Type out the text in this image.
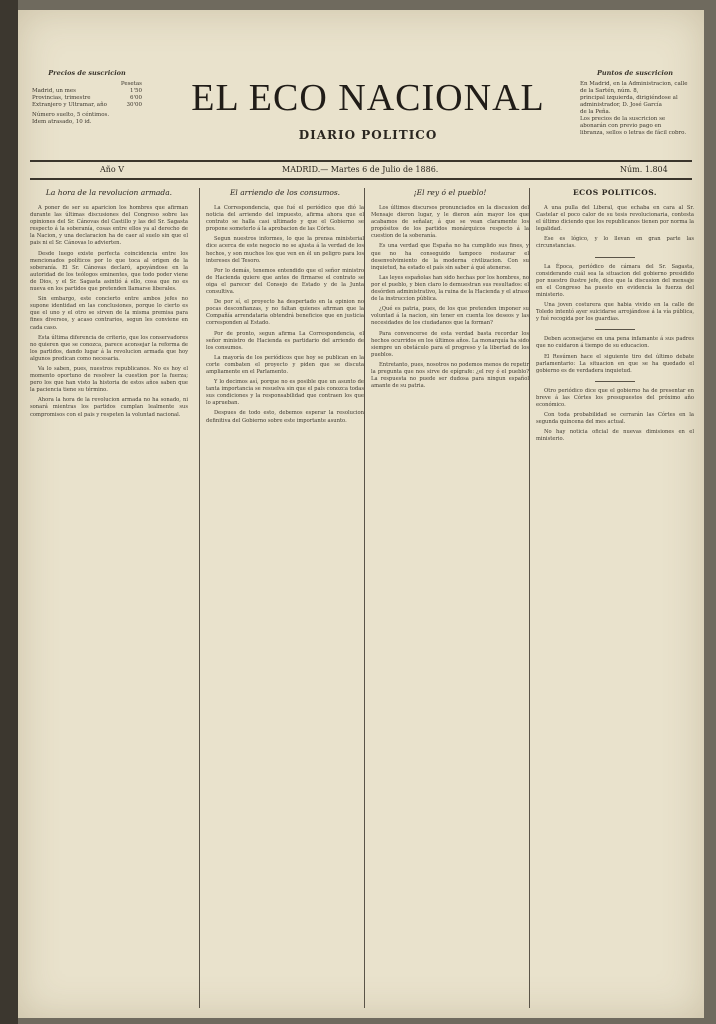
Precios de suscricion
Pesetas
Madrid, un mes	1'50
Provincias, trimestre	6'00
Extranjero y Ultramar, año	30'00
Número suelto, 5 céntimos.
Idem atrasado, 10 id.
EL ECO NACIONAL
DIARIO POLITICO
Puntos de suscricion
En Madrid, en la Administracion, calle de la Sartén, núm. 8,
principal izquierda, dirigiéndose al administrador, D. José García
de la Peña.
Los precios de la suscricion se abonarán con previo pago en
libranza, sellos o letras de fácil cobro.
Año V	MADRID.— Martes 6 de Julio de 1886.	Núm. 1.804
La hora de la revolucion armada.

A poner de ser su aparicion los hombres que afirman durante las últimas discusiones del Congreso sobre las opiniones del Sr. Cánovas del Castillo y las del Sr. Sagasta respecto á la soberanía, cosas entre ellos ya al derecho de la Nacion, y una declaracion ha de caer al suelo sin que el pais ni el Sr. Cánovas lo advierten.

Desde luego existe perfecta coincidencia entre los mencionados políticos por lo que toca al origen de la soberanía. El Sr. Cánovas declaró, apoyándose en la autoridad de los teólogos eminentes, que todo poder viene de Dios, y el Sr. Sagasta asintió á ello, cosa que no es nueva en los partidos que pretenden llamarse liberales.

Sin embargo, este concierto entre ambos jefes no supone identidad en las conclusiones, porque lo cierto es que el uno y el otro se sirven de la misma premisa para fines diversos, y acaso contrarios, segun les conviene en cada caso.

Esta última diferencia de criterio, que los conservadores no quieren que se conozca, parece aconsejar la reforma de los partidos, dando lugar á la revolucion armada que hoy algunos predican como necesaria.

Va lo saben, pues, nuestros republicanos. No es hoy el momento oportuno de resolver la cuestion por la fuerza; pero los que han visto la historia de estos años saben que la paciencia tiene su término.

Ahora la hora de la revolucion armada no ha sonado, ni sonará mientras los partidos cumplan lealmente sus compromisos con el pais y respeten la voluntad nacional.

El arriendo de los consumos.

La Correspondencia, que fué el periódico que dió la noticia del arriendo del impuesto, afirma ahora que el contrato se halla casi ultimado y que el Gobierno se propone someterlo á la aprobacion de las Córtes.

Segun nuestros informes, lo que la prensa ministerial dice acerca de este negocio no se ajusta á la verdad de los hechos, y son muchos los que ven en él un peligro para los intereses del Tesoro.

Por lo demás, tenemos entendido que el señor ministro de Hacienda quiere que antes de firmarse el contrato se oiga el parecer del Consejo de Estado y de la Junta consultiva.

De por sí, el proyecto ha despertado en la opinion no pocas desconfianzas, y no faltan quienes afirman que la Compañía arrendataria obtendrá beneficios que en justicia corresponden al Estado.

Por de pronto, segun afirma La Correspondencia, el señor ministro de Hacienda es partidario del arriendo de los consumos.

La mayoría de los periódicos que hoy se publican en la corte combaten el proyecto y piden que se discuta ampliamente en el Parlamento.

Y lo decimos así, porque no es posible que un asunto de tanta importancia se resuelva sin que el pais conozca todas sus condiciones y la responsabilidad que contraen los que lo aprueban.

Despues de todo esto, debemos esperar la resolucion definitiva del Gobierno sobre este importante asunto.

¡El rey ó el pueblo!

Los últimos discursos pronunciados en la discusion del Mensaje dieron lugar, y le dieron aún mayor los que acabamos de señalar, á que se vean claramente los propósitos de los partidos monárquicos respecto á la cuestion de la soberanía.

Es una verdad que España no ha cumplido sus fines, y que no ha conseguido tampoco restaurar el desenvolvimiento de la moderna civilizacion. Con su inquietud, ha estado el país sin saber á qué atenerse.

Las leyes españolas han sido hechas por los hombres, no por el pueblo, y bien claro lo demuestran sus resultados: el desórden administrativo, la ruina de la Hacienda y el atraso de la instruccion pública.

¿Qué es patria, pues, de los que pretenden imponer su voluntad á la nacion, sin tener en cuenta los deseos y las necesidades de los ciudadanos que la forman?

Para convencerse de esta verdad basta recordar los hechos ocurridos en los últimos años. La monarquía ha sido siempre un obstáculo para el progreso y la libertad de los pueblos.

Entretanto, pues, nosotros no podemos menos de repetir la pregunta que nos sirve de epígrafe: ¿el rey ó el pueblo? La respuesta no puede ser dudosa para ningun español amante de su patria.

ECOS POLITICOS.

A una pulla del Liberal, que echaba en cara al Sr. Castelar el poco calor de su tesis revolucionaria, contesta el último diciendo que los republicanos tienen por norma la legalidad.

Ese es lógico, y lo llevan en gran parte las circunstancias.

La Época, periódico de cámara del Sr. Sagasta, considerando cuál sea la situacion del gobierno presidido por nuestro ilustre jefe, dice que la discusion del mensaje en el Congreso ha puesto en evidencia la fuerza del ministerio.

Una joven costurera que habia vivido en la calle de Toledo intentó ayer suicidarse arrojándose á la vía pública, y fué recogida por los guardias.

Deben aconsejarse en una pena infamante á sus padres que no cuidaron á tiempo de su educacion.

El Resúmen hace el siguiente tiro del último debate parlamentario: La situacion en que se ha quedado el gobierno es de verdadera inquietud.

Otro periódico dice que el gobierno ha de presentar en breve á las Córtes los presupuestos del próximo año económico.

Con toda probabilidad se cerrarán las Córtes en la segunda quincena del mes actual.

No hay noticia oficial de nuevas dimisiones en el ministerio.
